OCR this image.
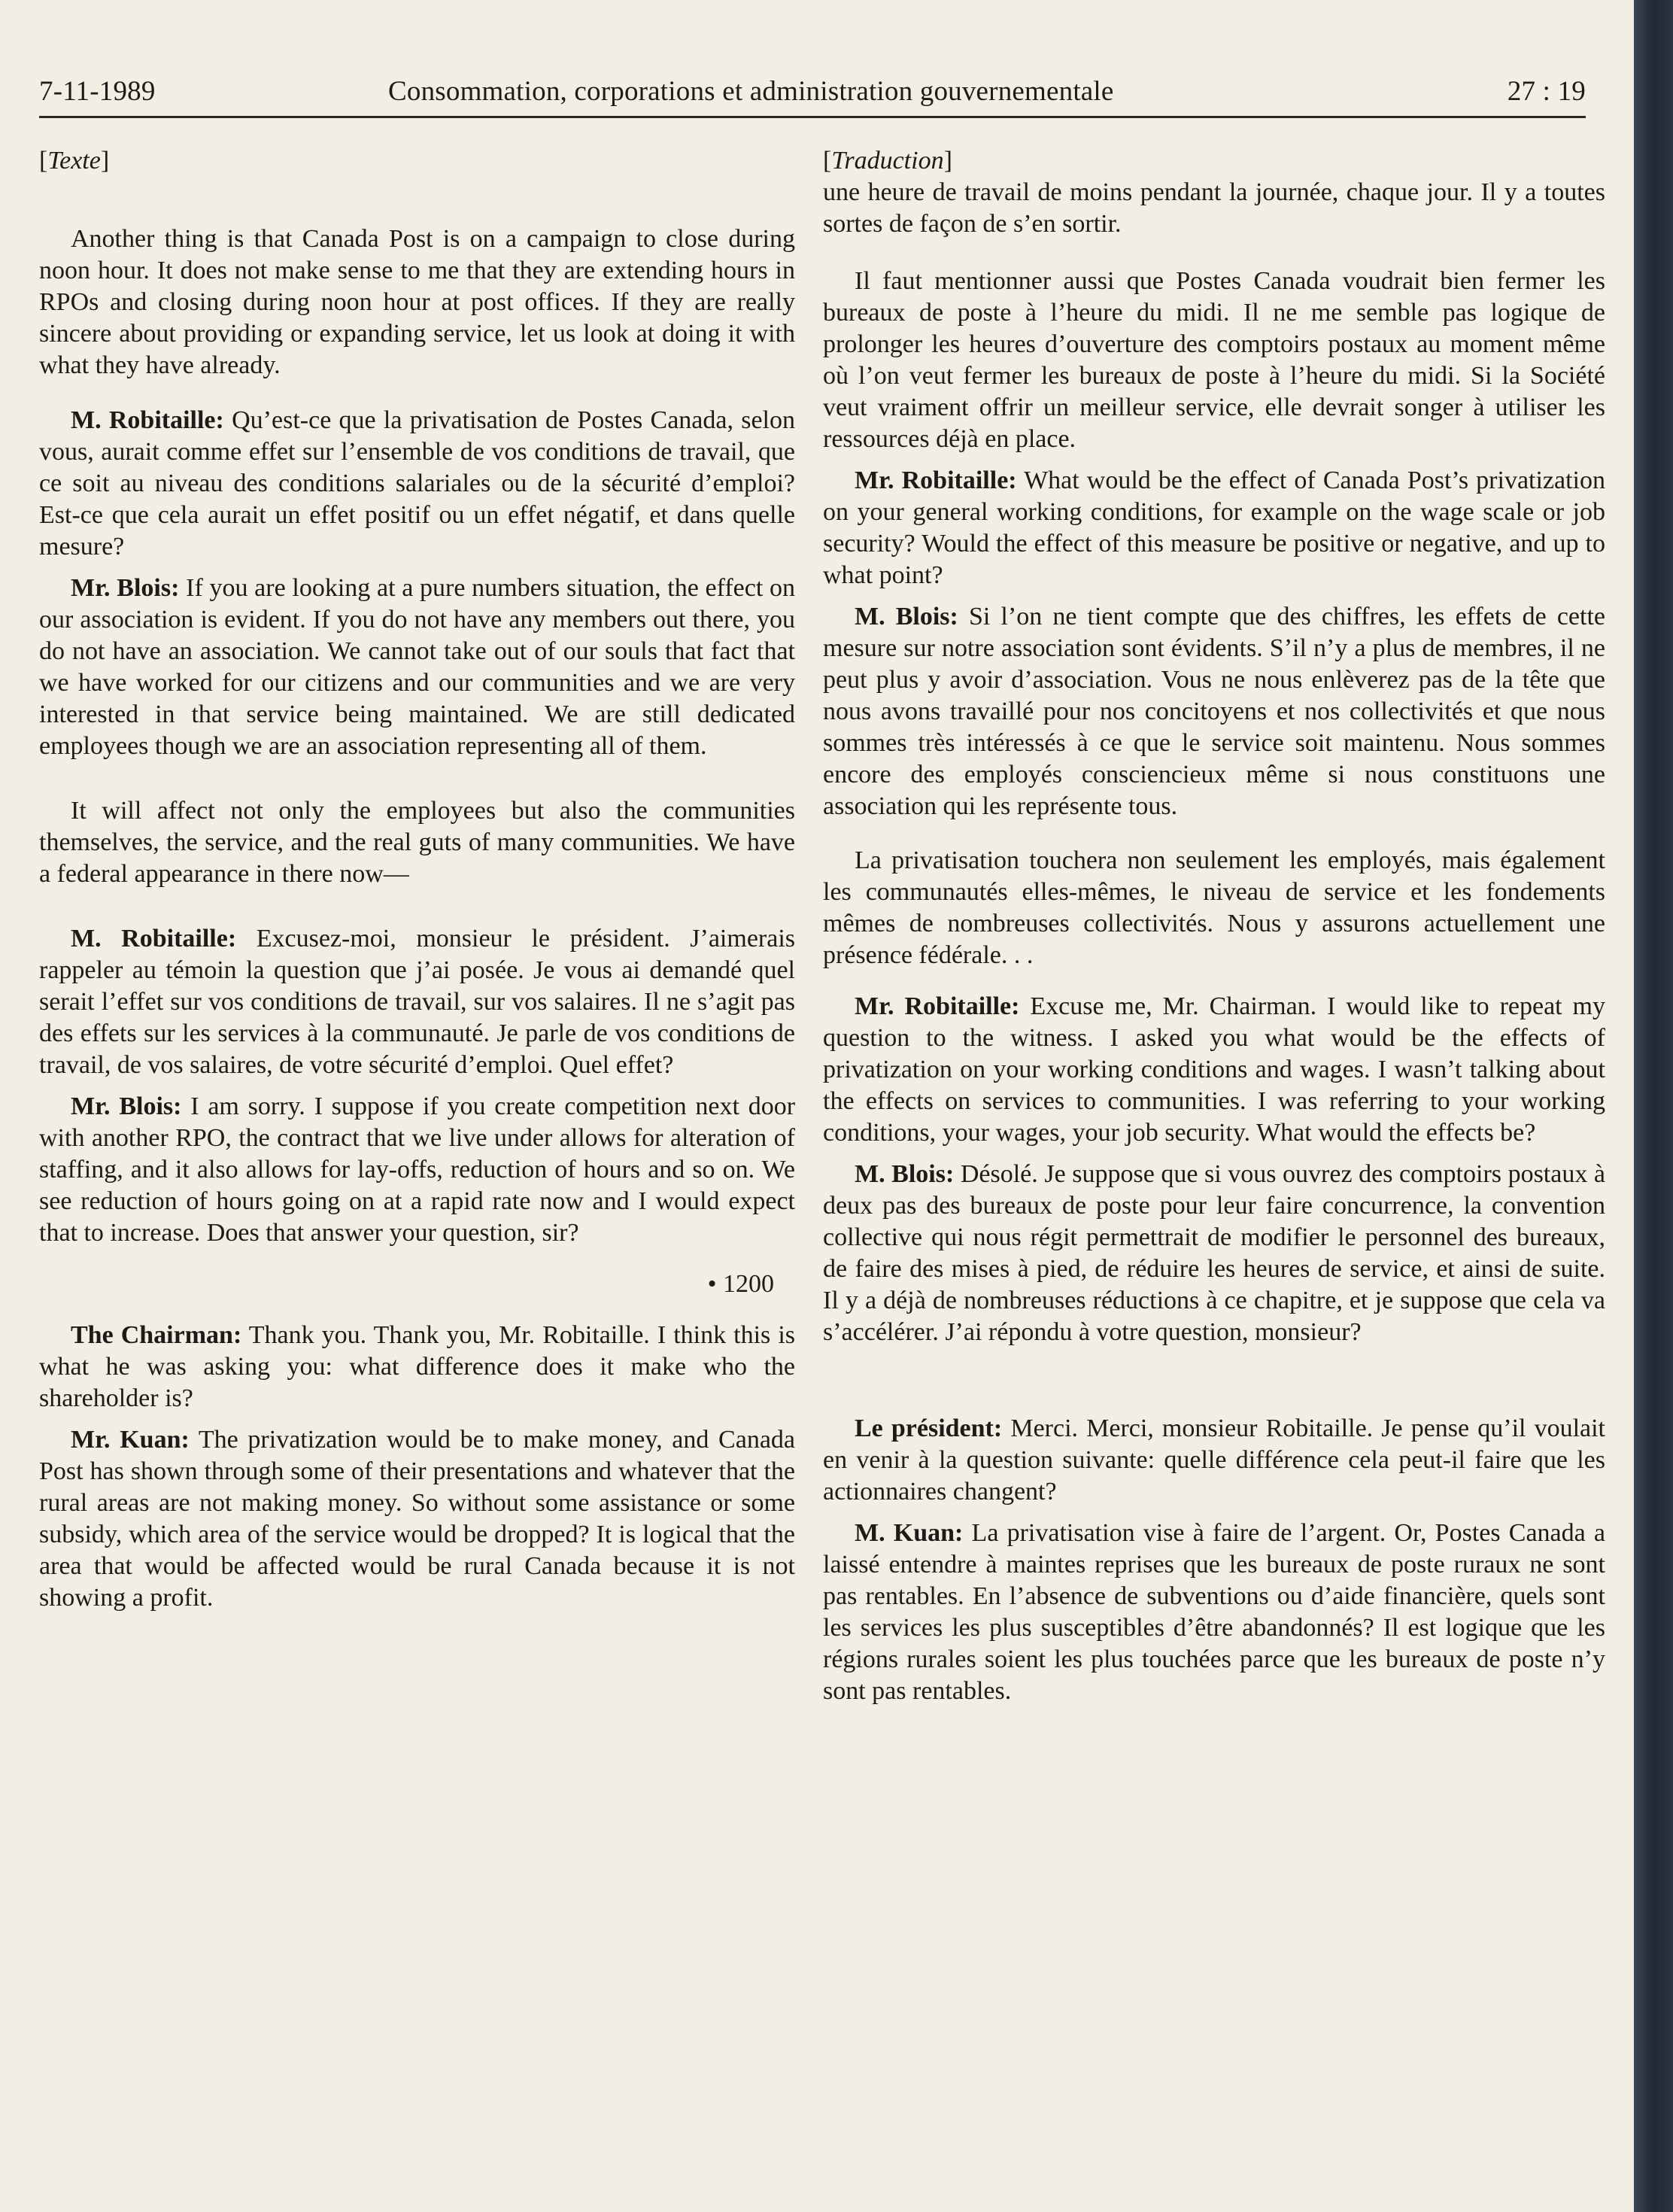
7-11-1989	Consommation, corporations et administration gouvernementale	27 : 19

[Texte]

Another thing is that Canada Post is on a campaign to close during noon hour. It does not make sense to me that they are extending hours in RPOs and closing during noon hour at post offices. If they are really sincere about providing or expanding service, let us look at doing it with what they have already.

M. Robitaille: Qu’est-ce que la privatisation de Postes Canada, selon vous, aurait comme effet sur l’ensemble de vos conditions de travail, que ce soit au niveau des conditions salariales ou de la sécurité d’emploi? Est-ce que cela aurait un effet positif ou un effet négatif, et dans quelle mesure?

Mr. Blois: If you are looking at a pure numbers situation, the effect on our association is evident. If you do not have any members out there, you do not have an association. We cannot take out of our souls that fact that we have worked for our citizens and our communities and we are very interested in that service being maintained. We are still dedicated employees though we are an association representing all of them.

It will affect not only the employees but also the communities themselves, the service, and the real guts of many communities. We have a federal appearance in there now—

M. Robitaille: Excusez-moi, monsieur le président. J’aimerais rappeler au témoin la question que j’ai posée. Je vous ai demandé quel serait l’effet sur vos conditions de travail, sur vos salaires. Il ne s’agit pas des effets sur les services à la communauté. Je parle de vos conditions de travail, de vos salaires, de votre sécurité d’emploi. Quel effet?

Mr. Blois: I am sorry. I suppose if you create competition next door with another RPO, the contract that we live under allows for alteration of staffing, and it also allows for lay-offs, reduction of hours and so on. We see reduction of hours going on at a rapid rate now and I would expect that to increase. Does that answer your question, sir?

• 1200

The Chairman: Thank you. Thank you, Mr. Robitaille. I think this is what he was asking you: what difference does it make who the shareholder is?

Mr. Kuan: The privatization would be to make money, and Canada Post has shown through some of their presentations and whatever that the rural areas are not making money. So without some assistance or some subsidy, which area of the service would be dropped? It is logical that the area that would be affected would be rural Canada because it is not showing a profit.

[Traduction]

une heure de travail de moins pendant la journée, chaque jour. Il y a toutes sortes de façon de s’en sortir.

Il faut mentionner aussi que Postes Canada voudrait bien fermer les bureaux de poste à l’heure du midi. Il ne me semble pas logique de prolonger les heures d’ouverture des comptoirs postaux au moment même où l’on veut fermer les bureaux de poste à l’heure du midi. Si la Société veut vraiment offrir un meilleur service, elle devrait songer à utiliser les ressources déjà en place.

Mr. Robitaille: What would be the effect of Canada Post’s privatization on your general working conditions, for example on the wage scale or job security? Would the effect of this measure be positive or negative, and up to what point?

M. Blois: Si l’on ne tient compte que des chiffres, les effets de cette mesure sur notre association sont évidents. S’il n’y a plus de membres, il ne peut plus y avoir d’association. Vous ne nous enlèverez pas de la tête que nous avons travaillé pour nos concitoyens et nos collectivités et que nous sommes très intéressés à ce que le service soit maintenu. Nous sommes encore des employés consciencieux même si nous constituons une association qui les représente tous.

La privatisation touchera non seulement les employés, mais également les communautés elles-mêmes, le niveau de service et les fondements mêmes de nombreuses collectivités. Nous y assurons actuellement une présence fédérale. . .

Mr. Robitaille: Excuse me, Mr. Chairman. I would like to repeat my question to the witness. I asked you what would be the effects of privatization on your working conditions and wages. I wasn’t talking about the effects on services to communities. I was referring to your working conditions, your wages, your job security. What would the effects be?

M. Blois: Désolé. Je suppose que si vous ouvrez des comptoirs postaux à deux pas des bureaux de poste pour leur faire concurrence, la convention collective qui nous régit permettrait de modifier le personnel des bureaux, de faire des mises à pied, de réduire les heures de service, et ainsi de suite. Il y a déjà de nombreuses réductions à ce chapitre, et je suppose que cela va s’accélérer. J’ai répondu à votre question, monsieur?

Le président: Merci. Merci, monsieur Robitaille. Je pense qu’il voulait en venir à la question suivante: quelle différence cela peut-il faire que les actionnaires changent?

M. Kuan: La privatisation vise à faire de l’argent. Or, Postes Canada a laissé entendre à maintes reprises que les bureaux de poste ruraux ne sont pas rentables. En l’absence de subventions ou d’aide financière, quels sont les services les plus susceptibles d’être abandonnés? Il est logique que les régions rurales soient les plus touchées parce que les bureaux de poste n’y sont pas rentables.
